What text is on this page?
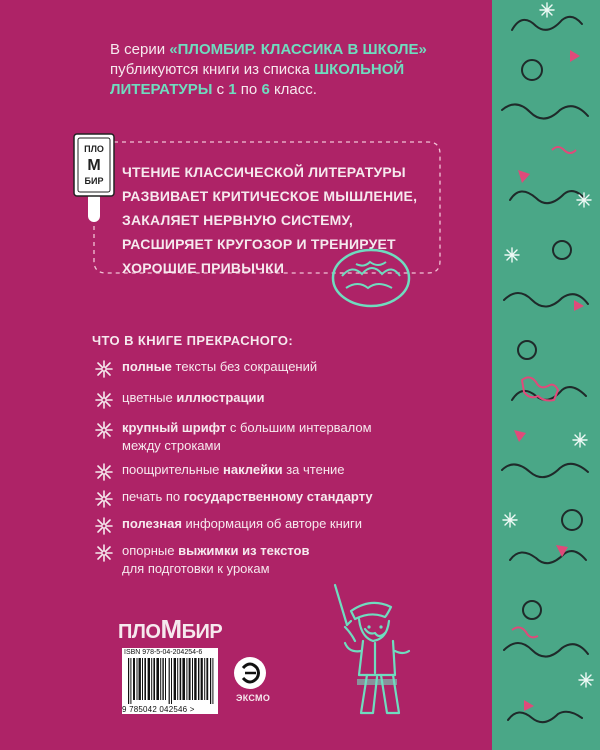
В серии «ПЛОМБИР. КЛАССИКА В ШКОЛЕ»
публикуются книги из списка ШКОЛЬНОЙ ЛИТЕРАТУРЫ с 1 по 6 класс.
ЧТЕНИЕ КЛАССИЧЕСКОЙ ЛИТЕРАТУРЫ
РАЗВИВАЕТ КРИТИЧЕСКОЕ МЫШЛЕНИЕ,
ЗАКАЛЯЕТ НЕРВНУЮ СИСТЕМУ,
РАСШИРЯЕТ КРУГОЗОР И ТРЕНИРУЕТ
ХОРОШИЕ ПРИВЫЧКИ
ПЛО
М
БИР
ЧТО В КНИГЕ ПРЕКРАСНОГО:
полные тексты без сокращений
цветные иллюстрации
крупный шрифт с большим интервалом
между строками
поощрительные наклейки за чтение
печать по государственному стандарту
полезная информация об авторе книги
опорные выжимки из текстов
для подготовки к урокам
ПЛОМБИР
ISBN 978-5-04-204254-6
9 785042 042546 >
ЭКСМО
